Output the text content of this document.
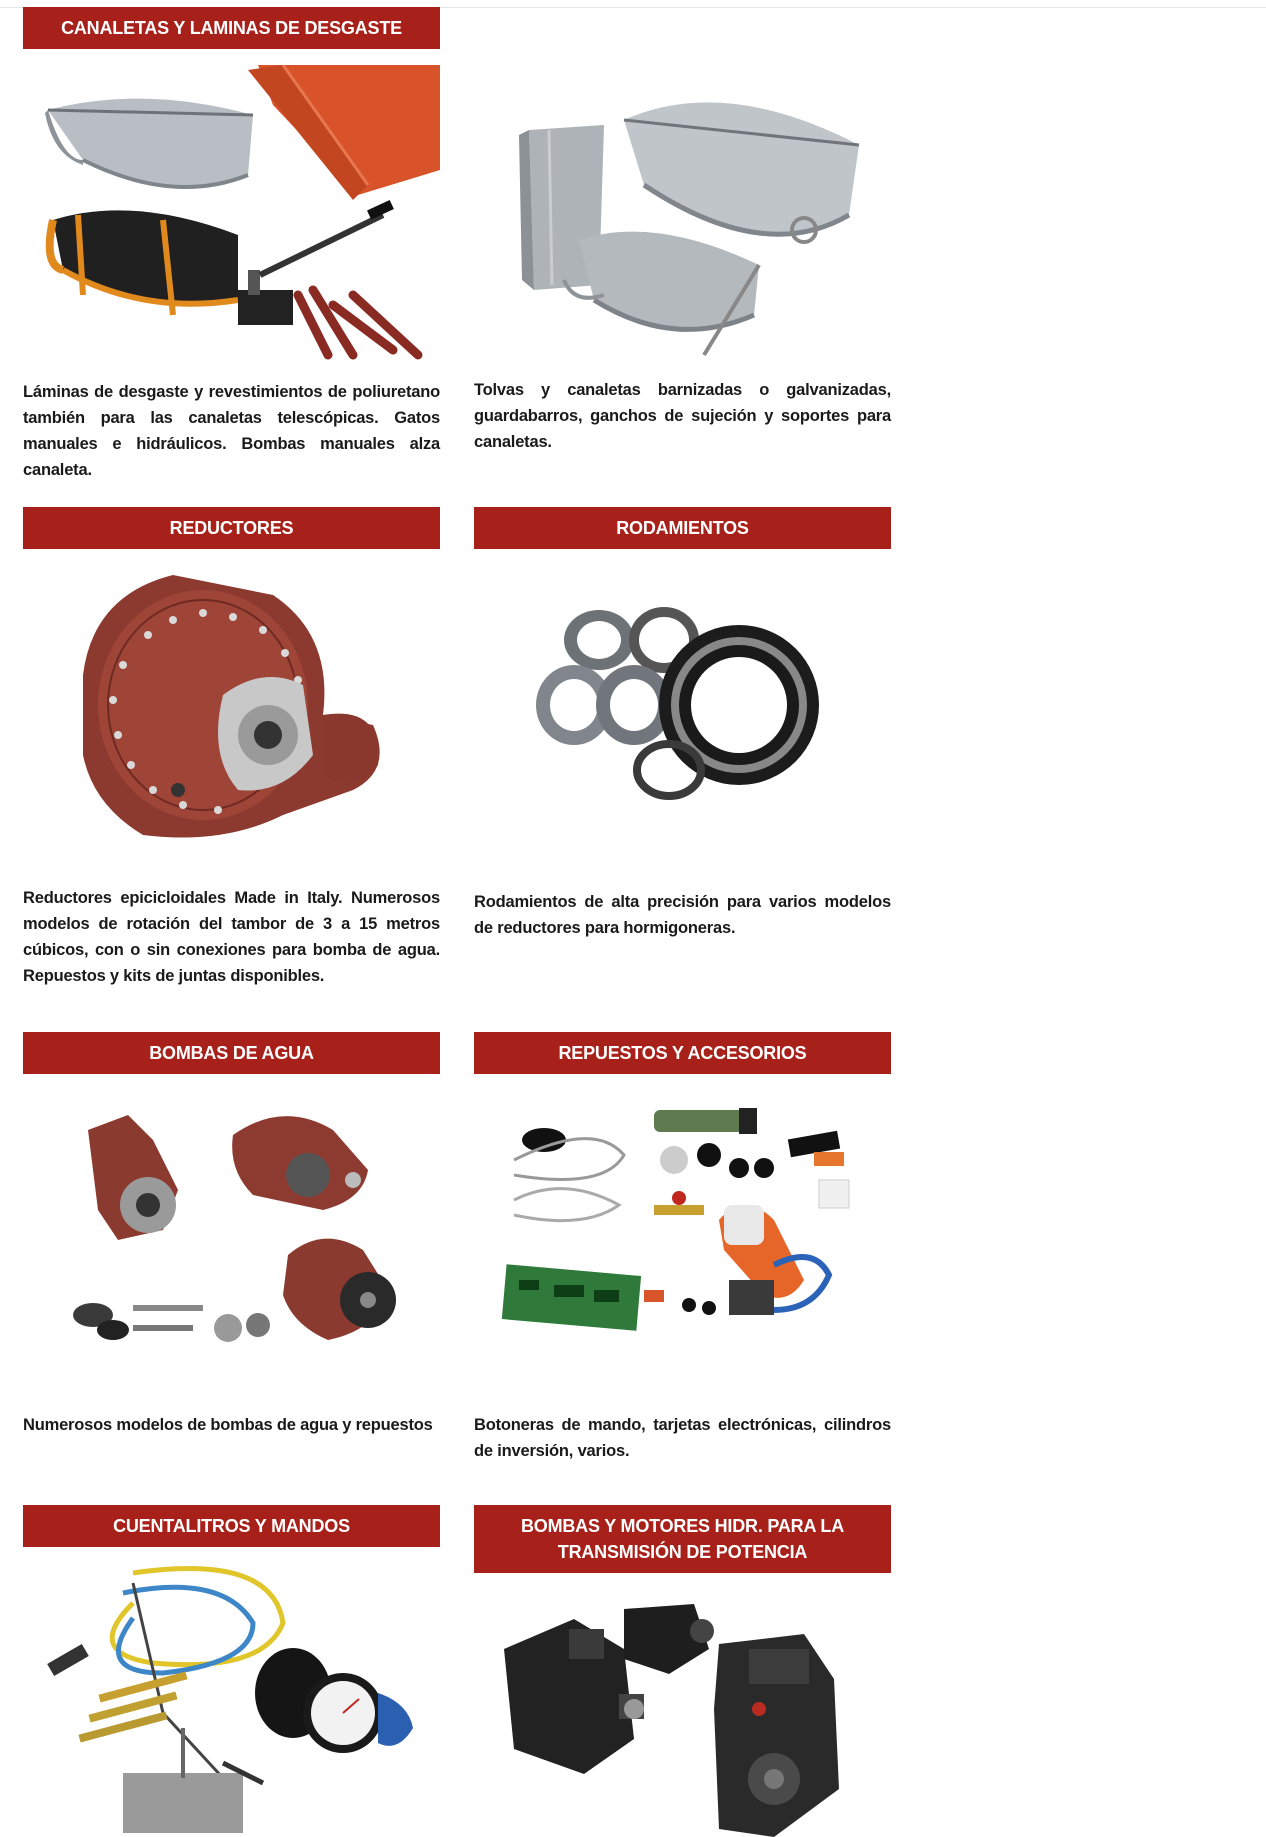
CANALETAS Y LAMINAS DE DESGASTE
Láminas de desgaste y revestimientos de poliuretano también para las canaletas telescópicas. Gatos manuales e hidráulicos. Bombas manuales alza canaleta.
Tolvas y canaletas barnizadas o galvanizadas, guardabarros, ganchos de sujeción y soportes para canaletas.
REDUCTORES
Reductores epicicloidales Made in Italy. Numerosos modelos de rotación del tambor de 3 a 15 metros cúbicos, con o sin conexiones para bomba de agua. Repuestos y kits de juntas disponibles.
RODAMIENTOS
Rodamientos de alta precisión para varios modelos de reductores para hormigoneras.
BOMBAS DE AGUA
Numerosos modelos de bombas de agua y repuestos
REPUESTOS Y ACCESORIOS
Botoneras de mando, tarjetas electrónicas, cilindros de inversión, varios.
CUENTALITROS Y MANDOS	BOMBAS Y MOTORES HIDR. PARA LA TRANSMISIÓN DE POTENCIA
